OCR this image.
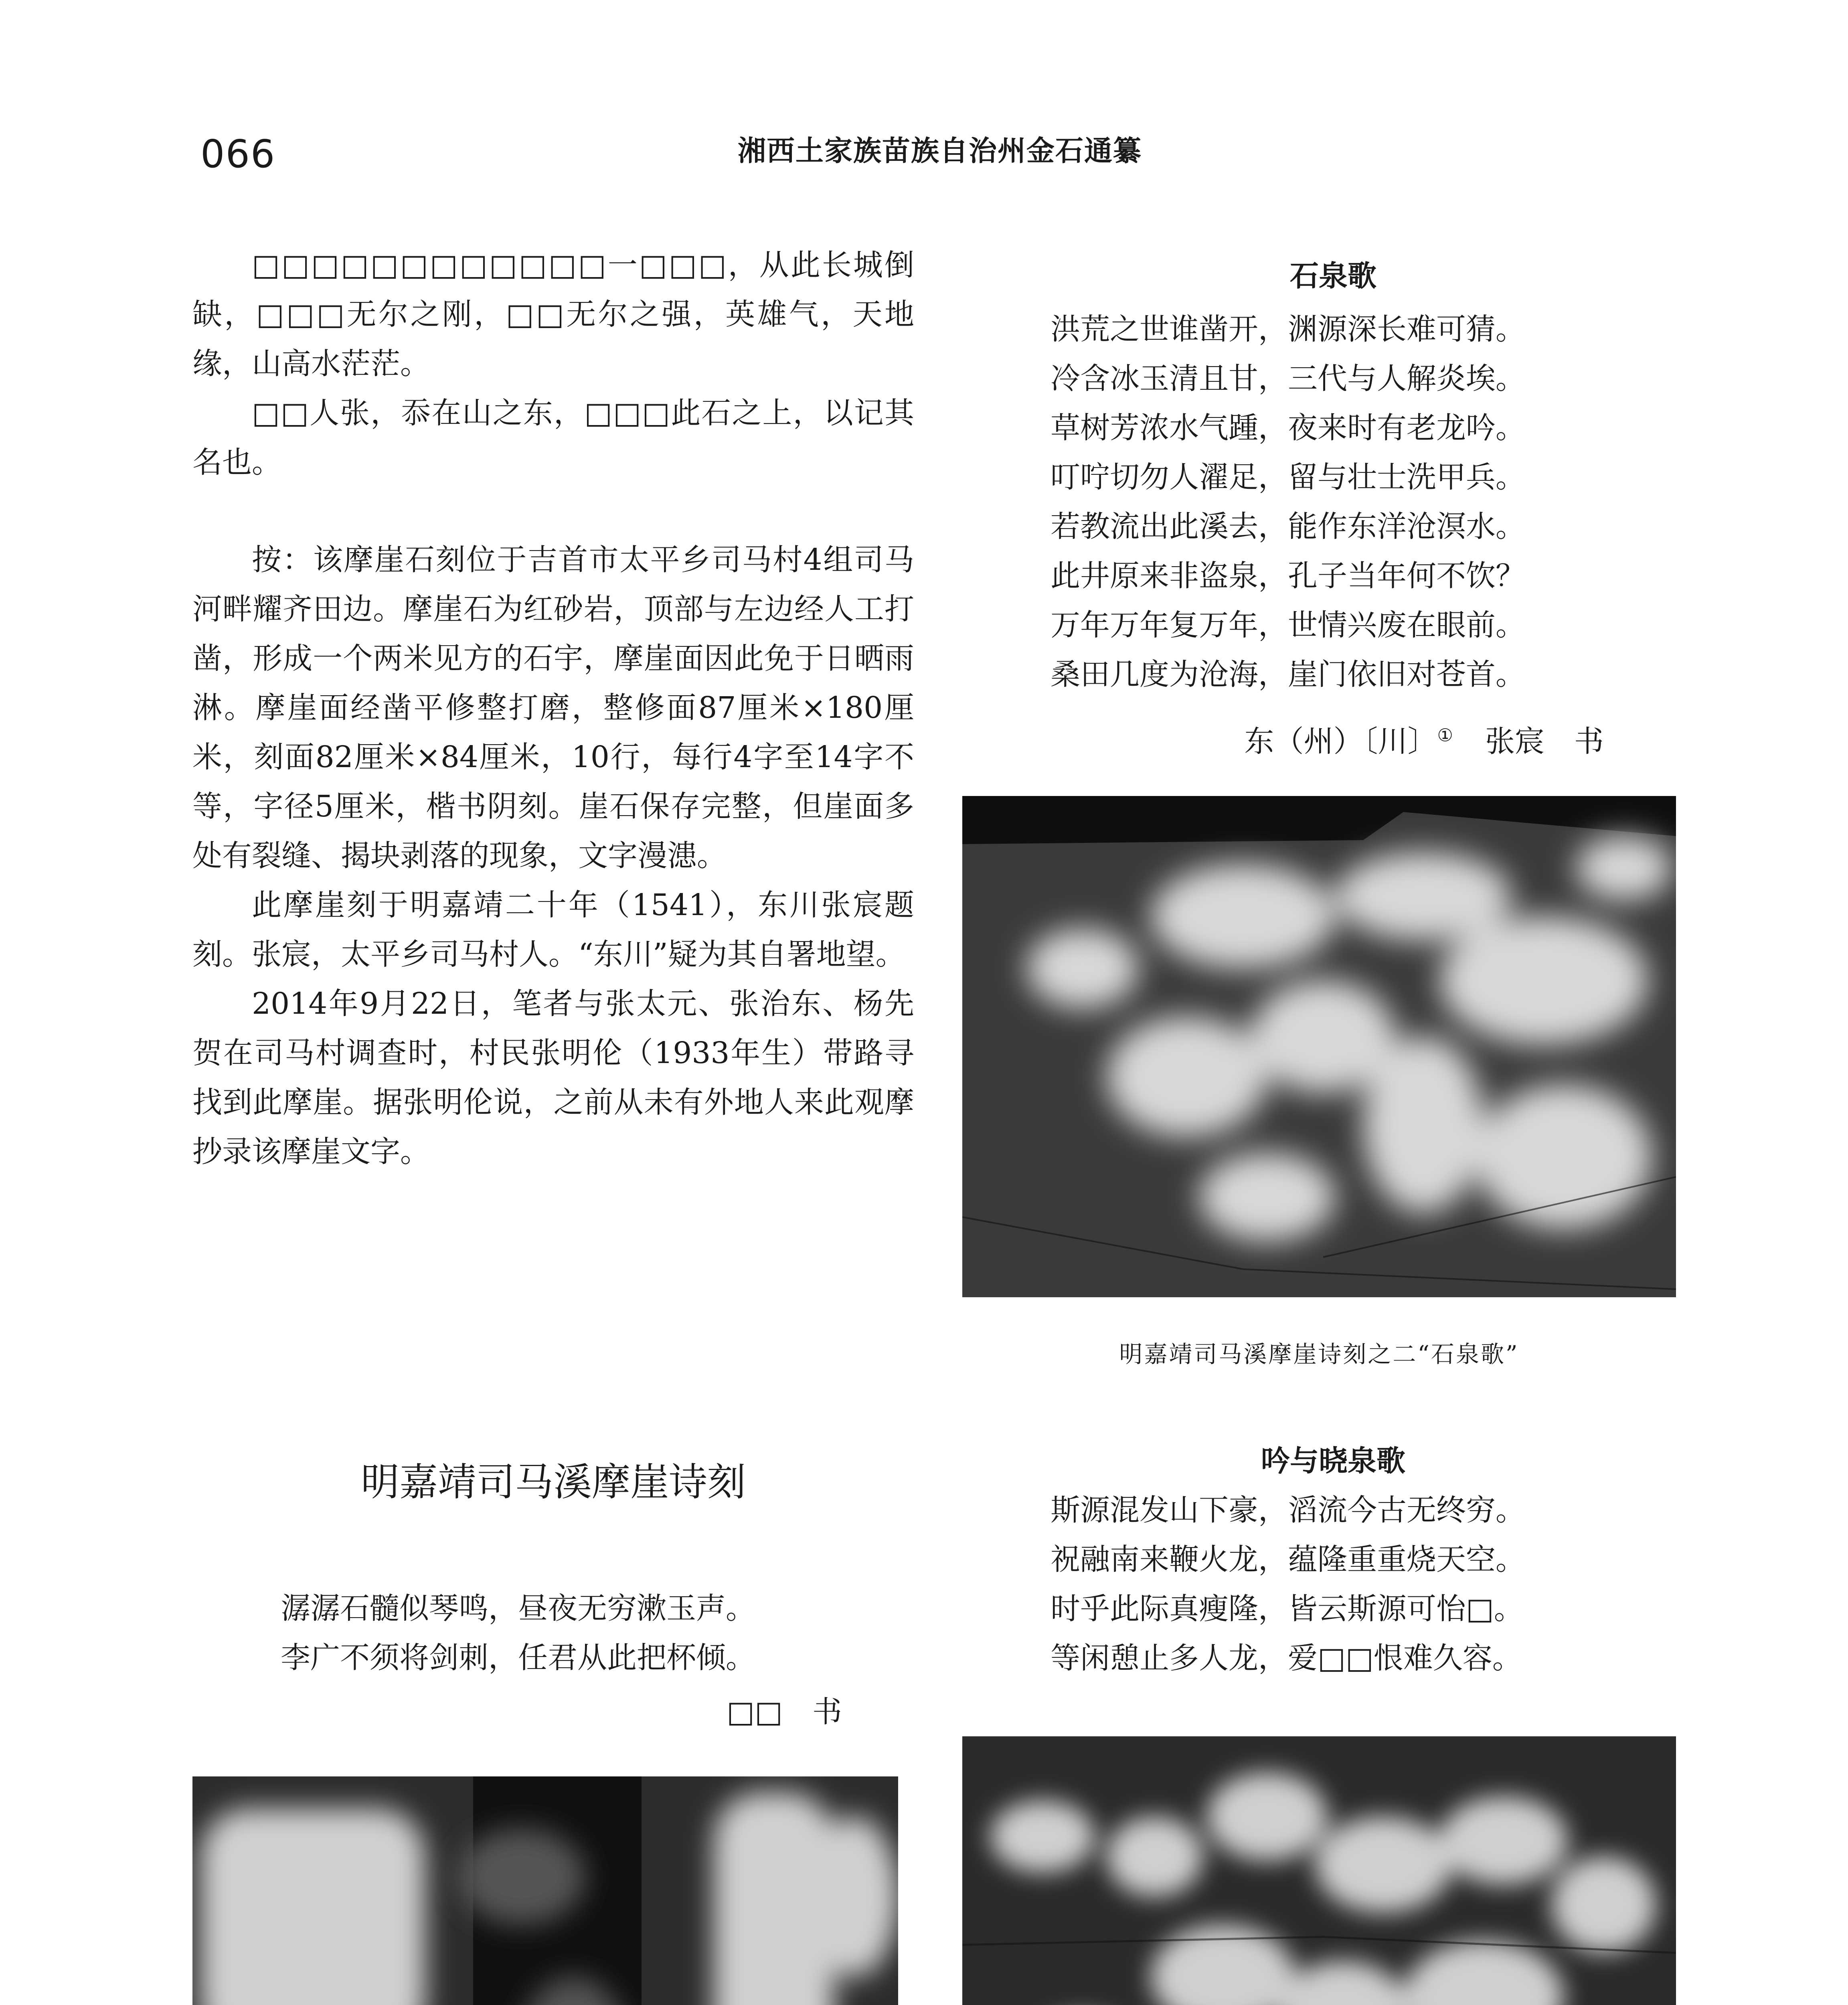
066	湘西土家族苗族自治州金石通纂

□□□□□□□□□□□□一□□□，从此长城倒缺，□□□无尔之刚，□□无尔之强，英雄气，天地缘，山高水茫茫。

□□人张，忝在山之东，□□□此石之上，以记其名也。

按：该摩崖石刻位于吉首市太平乡司马村4组司马河畔耀齐田边。摩崖石为红砂岩，顶部与左边经人工打凿，形成一个两米见方的石宇，摩崖面因此免于日晒雨淋。摩崖面经凿平修整打磨，整修面87厘米×180厘米，刻面82厘米×84厘米，10行，每行4字至14字不等，字径5厘米，楷书阴刻。崖石保存完整，但崖面多处有裂缝、揭块剥落的现象，文字漫漶。

此摩崖刻于明嘉靖二十年（1541），东川张宸题刻。张宸，太平乡司马村人。“东川”疑为其自署地望。

2014年9月22日，笔者与张太元、张治东、杨先贺在司马村调查时，村民张明伦（1933年生）带路寻找到此摩崖。据张明伦说，之前从未有外地人来此观摩抄录该摩崖文字。

石泉歌
洪荒之世谁凿开，渊源深长难可猜。
冷含冰玉清且甘，三代与人解炎埃。
草树芳浓水气踵，夜来时有老龙吟。
叮咛切勿人濯足，留与壮士洗甲兵。
若教流出此溪去，能作东洋沧溟水。
此井原来非盗泉，孔子当年何不饮？
万年万年复万年，世情兴废在眼前。
桑田几度为沧海，崖门依旧对苍首。
东（州）〔川〕① 张宸　书
明嘉靖司马溪摩崖诗刻之二“石泉歌”
明嘉靖司马溪摩崖诗刻
潺潺石髓似琴鸣，昼夜无穷漱玉声。
李广不须将剑刺，任君从此把杯倾。
□□　书
吟与晓泉歌
斯源混发山下豪，滔流今古无终穷。
祝融南来鞭火龙，蕴隆重重烧天空。
时乎此际真瘦隆，皆云斯源可怡□。
等闲憩止多人龙，爱□□恨难久容。
